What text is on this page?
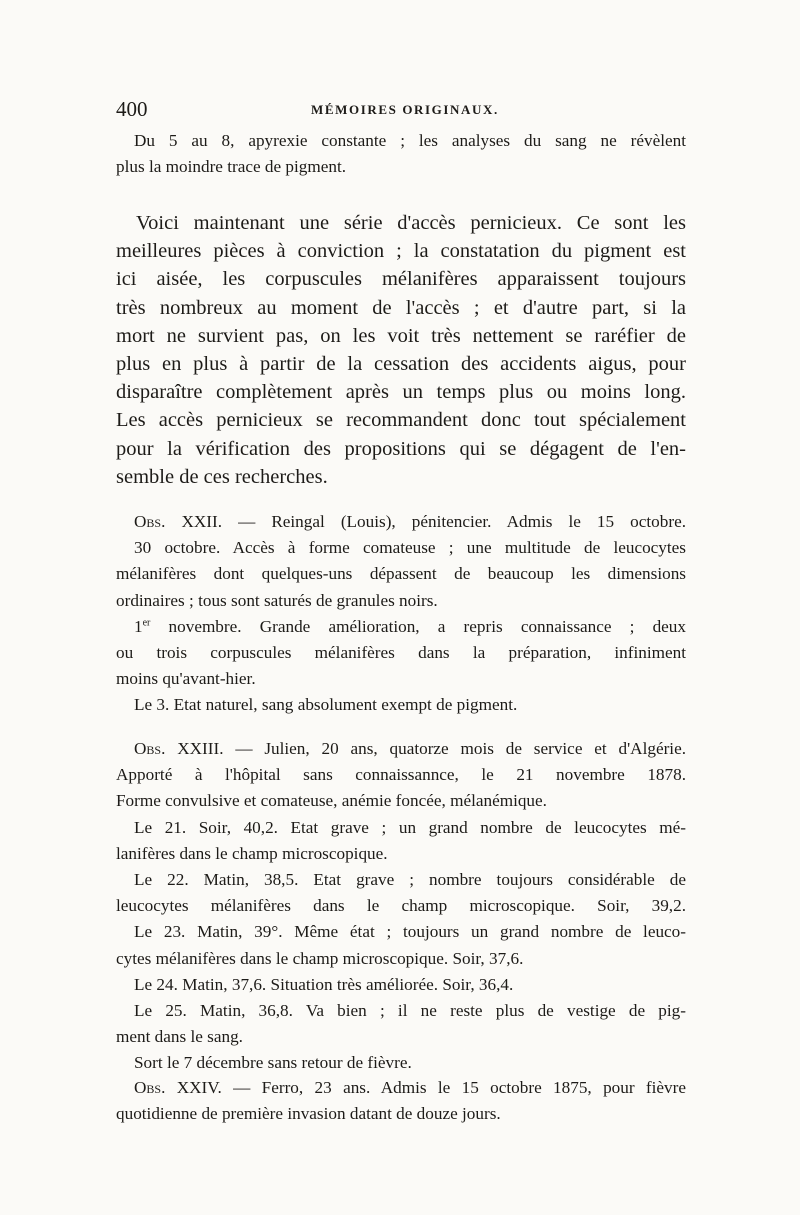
400	MÉMOIRES ORIGINAUX.
Du 5 au 8, apyrexie constante ; les analyses du sang ne révèlent
plus la moindre trace de pigment.
Voici maintenant une série d'accès pernicieux. Ce sont les
meilleures pièces à conviction ; la constatation du pigment est
ici aisée, les corpuscules mélanifères apparaissent toujours
très nombreux au moment de l'accès ; et d'autre part, si la
mort ne survient pas, on les voit très nettement se raréfier de
plus en plus à partir de la cessation des accidents aigus, pour
disparaître complètement après un temps plus ou moins long.
Les accès pernicieux se recommandent donc tout spécialement
pour la vérification des propositions qui se dégagent de l'en-
semble de ces recherches.
Obs. XXII. — Reingal (Louis), pénitencier. Admis le 15 octobre.
30 octobre. Accès à forme comateuse ; une multitude de leucocytes
mélanifères dont quelques-uns dépassent de beaucoup les dimensions
ordinaires ; tous sont saturés de granules noirs.
1er novembre. Grande amélioration, a repris connaissance ; deux
ou trois corpuscules mélanifères dans la préparation, infiniment
moins qu'avant-hier.
Le 3. Etat naturel, sang absolument exempt de pigment.
Obs. XXIII. — Julien, 20 ans, quatorze mois de service et d'Algérie.
Apporté à l'hôpital sans connaissannce, le 21 novembre 1878.
Forme convulsive et comateuse, anémie foncée, mélanémique.
Le 21. Soir, 40,2. Etat grave ; un grand nombre de leucocytes mé-
lanifères dans le champ microscopique.
Le 22. Matin, 38,5. Etat grave ; nombre toujours considérable de
leucocytes mélanifères dans le champ microscopique. Soir, 39,2.
Le 23. Matin, 39°. Même état ; toujours un grand nombre de leuco-
cytes mélanifères dans le champ microscopique. Soir, 37,6.
Le 24. Matin, 37,6. Situation très améliorée. Soir, 36,4.
Le 25. Matin, 36,8. Va bien ; il ne reste plus de vestige de pig-
ment dans le sang.
Sort le 7 décembre sans retour de fièvre.
Obs. XXIV. — Ferro, 23 ans. Admis le 15 octobre 1875, pour fièvre
quotidienne de première invasion datant de douze jours.
